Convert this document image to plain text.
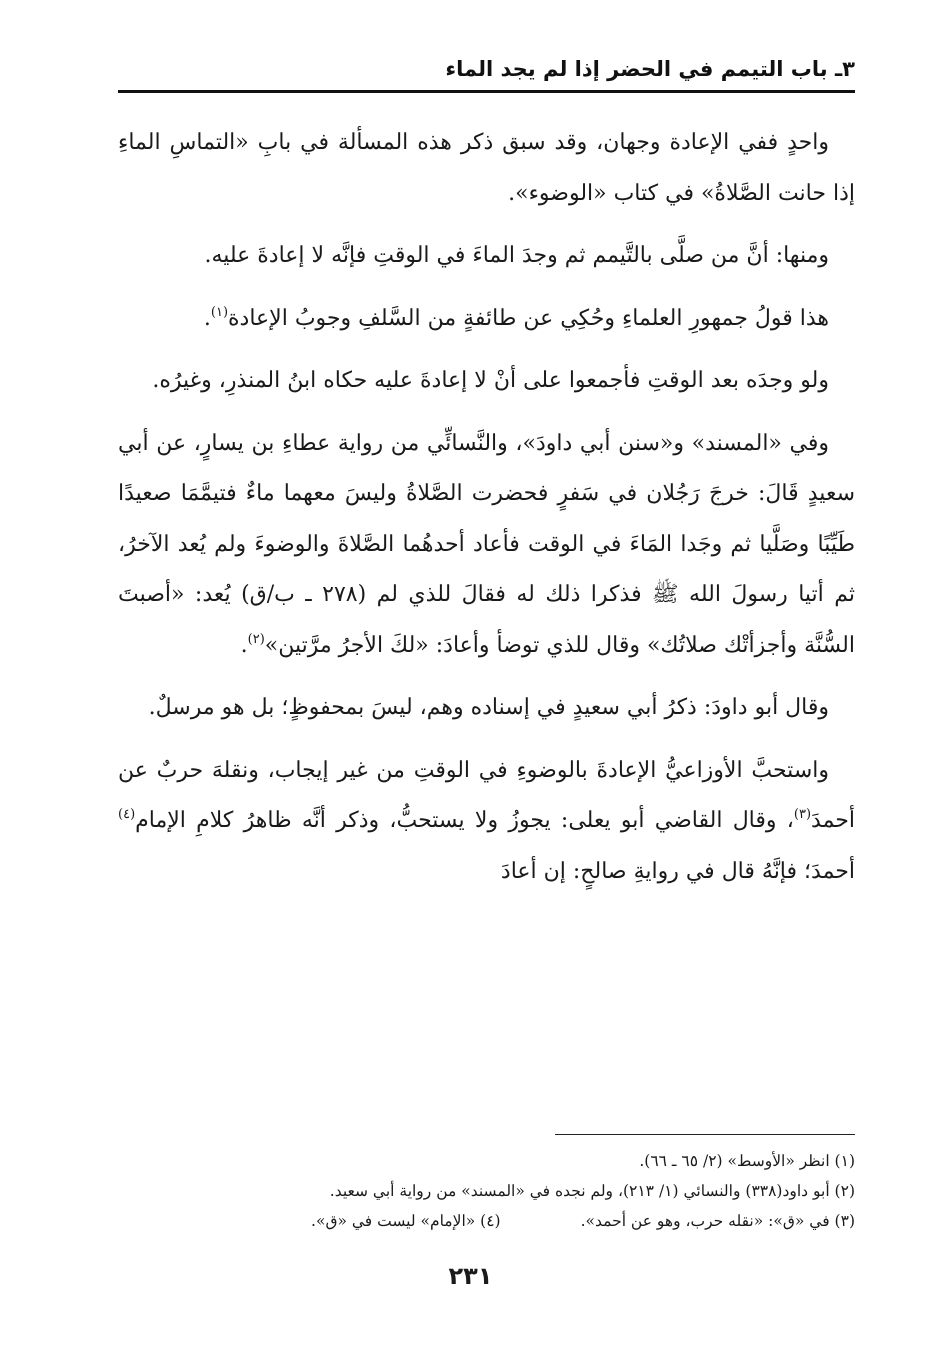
٣ـ باب التيمم في الحضر إذا لم يجد الماء

واحدٍ ففي الإعادة وجهان، وقد سبق ذكر هذه المسألة في بابِ «التماسِ الماءِ إذا حانت الصَّلاةُ» في كتاب «الوضوء».

ومنها: أنَّ من صلَّى بالتَّيمم ثم وجدَ الماءَ في الوقتِ فإنَّه لا إعادةَ عليه.

هذا قولُ جمهورِ العلماءِ وحُكِي عن طائفةٍ من السَّلفِ وجوبُ الإعادة$^{(١)}$.

ولو وجدَه بعد الوقتِ فأجمعوا على أنْ لا إعادةَ عليه حكاه ابنُ المنذرِ، وغيرُه.

وفي «المسند» و«سنن أبي داودَ»، والنَّسائِّي من رواية عطاءِ بن يسارٍ، عن أبي سعيدٍ قَالَ: خرجَ رَجُلان في سَفرٍ فحضرت الصَّلاةُ وليسَ معهما ماءٌ فتيمَّمَا صعيدًا طَيِّبًا وصَلَّيا ثم وجَدا المَاءَ في الوقت فأعاد أحدهُما الصَّلاةَ والوضوءَ ولم يُعد الآخرُ، ثم أتيا رسولَ الله ﷺ فذكرا ذلك له فقالَ للذي لم (٢٧٨ ـ ب/ق) يُعد: «أصبتَ السُّنَّة وأجزأتْك صلاتُك» وقال للذي توضأ وأعادَ: «لكَ الأجرُ مرَّتين»$^{(٢)}$.

وقال أبو داودَ: ذكرُ أبي سعيدٍ في إسناده وهم، ليسَ بمحفوظٍ؛ بل هو مرسلٌ.

واستحبَّ الأوزاعيُّ الإعادةَ بالوضوءِ في الوقتِ من غير إيجاب، ونقلهَ حربٌ عن أحمدَ$^{(٣)}$، وقال القاضي أبو يعلى: يجوزُ ولا يستحبُّ، وذكر أنَّه ظاهرُ كلامِ الإمام$^{(٤)}$ أحمدَ؛ فإنَّهُ قال في روايةِ صالحٍ: إن أعادَ

(١) انظر «الأوسط» (٢/ ٦٥ ـ ٦٦).
(٢) أبو داود(٣٣٨) والنسائي (١/ ٢١٣)، ولم نجده في «المسند» من رواية أبي سعيد.
(٣) في «ق»: «نقله حرب، وهو عن أحمد».
(٤) «الإمام» ليست في «ق».
٢٣١
